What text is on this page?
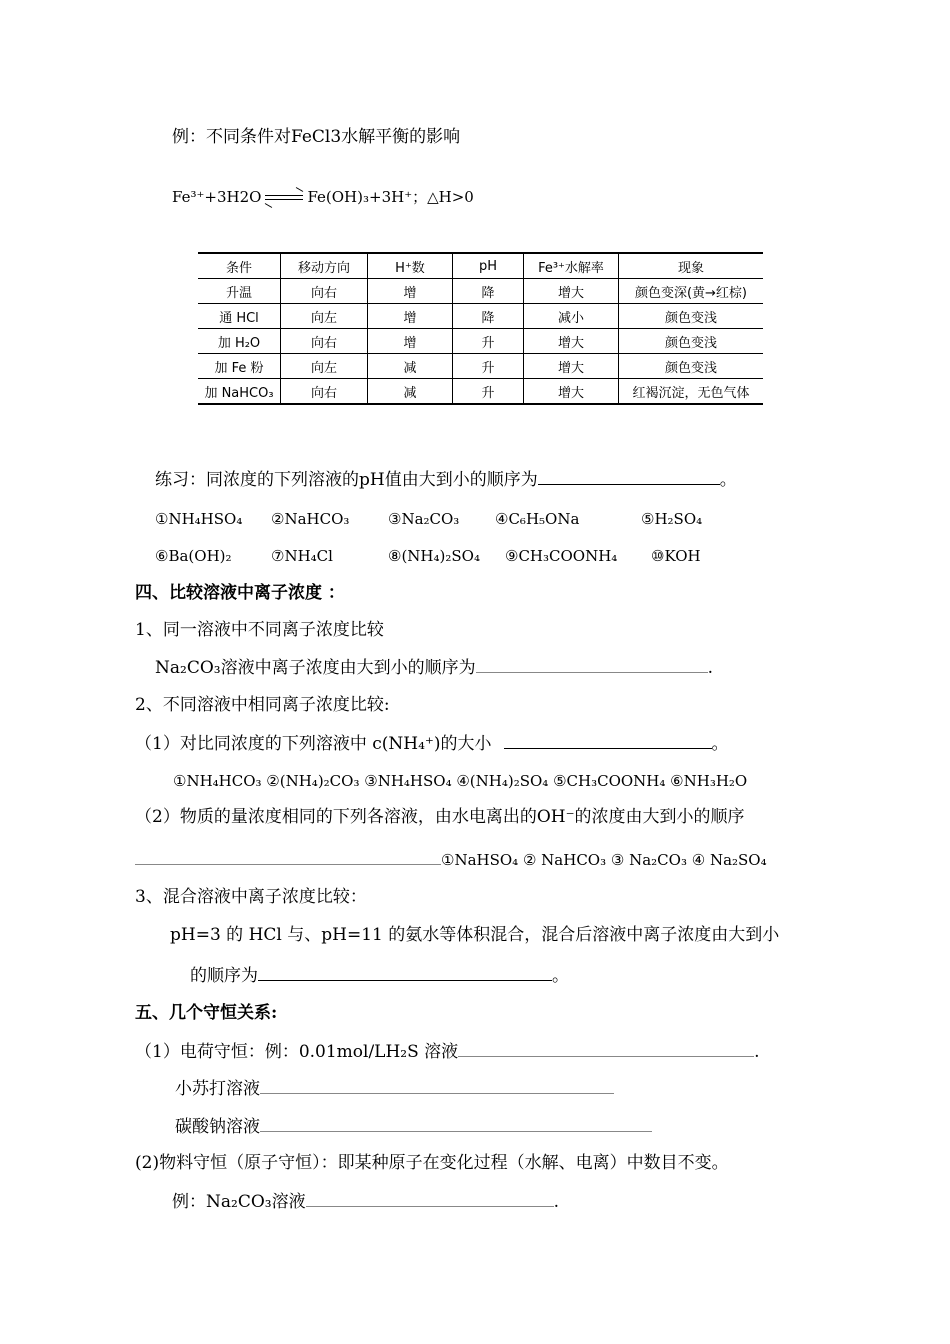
例：不同条件对FeCl3水解平衡的影响
Fe³⁺+3H2O	Fe(OH)₃+3H⁺；△H>0
条件	移动方向	H⁺数	pH	Fe³⁺水解率	现象
升温	向右	增	降	增大	颜色变深(黄→红棕)
通 HCl	向左	增	降	减小	颜色变浅
加 H₂O	向右	增	升	增大	颜色变浅
加 Fe 粉	向左	减	升	增大	颜色变浅
加 NaHCO₃	向右	减	升	增大	红褐沉淀，无色气体
练习：同浓度的下列溶液的pH值由大到小的顺序为	。
①NH₄HSO₄ ②NaHCO₃	③Na₂CO₃ ④C₆H₅ONa	⑤H₂SO₄
⑥Ba(OH)₂	⑦NH₄Cl	⑧(NH₄)₂SO₄ ⑨CH₃COONH₄ ⑩KOH
四、比较溶液中离子浓度 ：
1、同一溶液中不同离子浓度比较
Na₂CO₃溶液中离子浓度由大到小的顺序为	.
2、不同溶液中相同离子浓度比较:
（1）对比同浓度的下列溶液中 c(NH₄⁺)的大小	。
①NH₄HCO₃ ②(NH₄)₂CO₃ ③NH₄HSO₄ ④(NH₄)₂SO₄ ⑤CH₃COONH₄ ⑥NH₃H₂O
（2）物质的量浓度相同的下列各溶液，由水电离出的OH⁻的浓度由大到小的顺序
①NaHSO₄ ② NaHCO₃ ③ Na₂CO₃ ④ Na₂SO₄
3、混合溶液中离子浓度比较：
pH=3 的 HCl 与、pH=11 的氨水等体积混合，混合后溶液中离子浓度由大到小
的顺序为	。
五、几个守恒关系:
（1）电荷守恒：例：0.01mol/LH₂S 溶液	.
小苏打溶液
碳酸钠溶液
(2)物料守恒（原子守恒）：即某种原子在变化过程（水解、电离）中数目不变。
例：Na₂CO₃溶液	.
